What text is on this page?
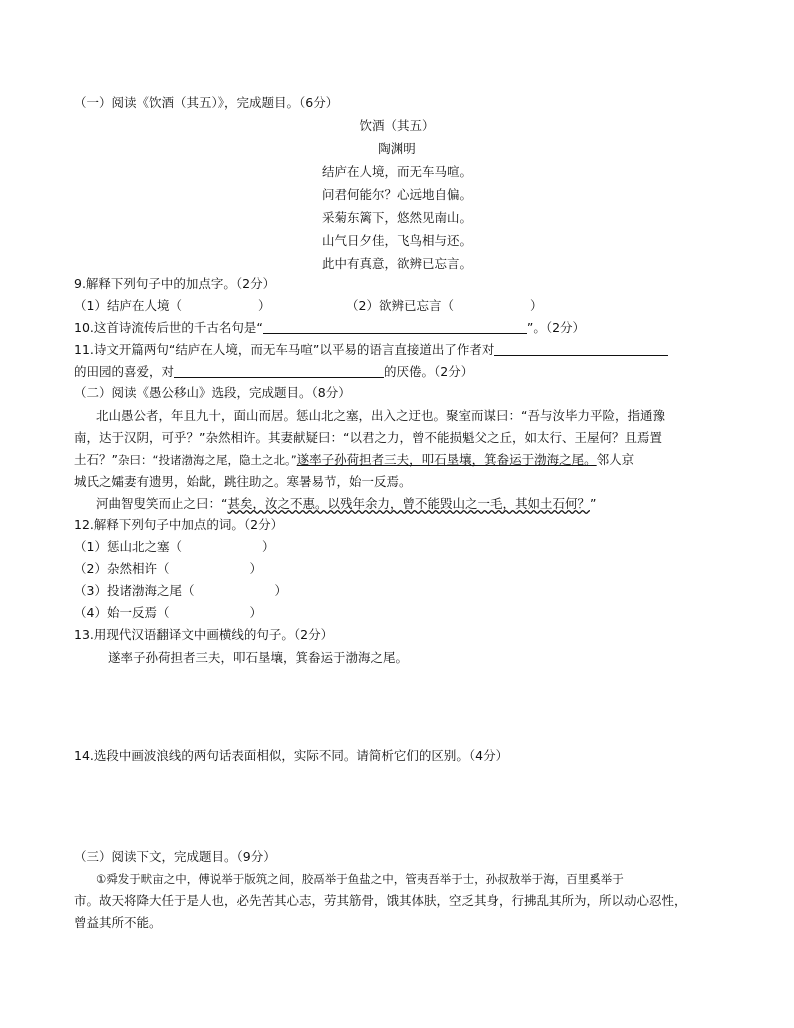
（一）阅读《饮酒（其五）》，完成题目。（6分）
饮酒（其五）
陶渊明
结庐在人境，而无车马喧。
问君何能尔？心远地自偏。
采菊东篱下，悠然见南山。
山气日夕佳，飞鸟相与还。
此中有真意，欲辨已忘言。
9.解释下列句子中的加点字。（2分）
（1）结庐在人境（	）	（2）欲辨已忘言（	）
10.这首诗流传后世的千古名句是“	”。（2分）
11.诗文开篇两句“结庐在人境，而无车马喧”以平易的语言直接道出了作者对
的田园的喜爱，对	的厌倦。（2分）
（二）阅读《愚公移山》选段，完成题目。（8分）
北山愚公者，年且九十，面山而居。惩山北之塞，出入之迂也。聚室而谋曰：“吾与汝毕力平险，指通豫
南，达于汉阴，可乎？”杂然相许。其妻献疑曰：“以君之力，曾不能损魁父之丘，如太行、王屋何？且焉置
土石？”杂曰：“投诸渤海之尾，隐土之北。”遂率子孙荷担者三夫，叩石垦壤，箕畚运于渤海之尾。邻人京
城氏之孀妻有遗男，始龀，跳往助之。寒暑易节，始一反焉。
河曲智叟笑而止之曰：“甚矣，汝之不惠。以残年余力，曾不能毁山之一毛，其如土石何？”
12.解释下列句子中加点的词。（2分）
（1）惩山北之塞（	）
（2）杂然相许（	）
（3）投诸渤海之尾（	）
（4）始一反焉（	）
13.用现代汉语翻译文中画横线的句子。（2分）
遂率子孙荷担者三夫，叩石垦壤，箕畚运于渤海之尾。
14.选段中画波浪线的两句话表面相似，实际不同。请简析它们的区别。（4分）
（三）阅读下文，完成题目。（9分）
①舜发于畎亩之中，傅说举于版筑之间，胶鬲举于鱼盐之中，管夷吾举于士，孙叔敖举于海，百里奚举于
市。故天将降大任于是人也，必先苦其心志，劳其筋骨，饿其体肤，空乏其身，行拂乱其所为，所以动心忍性，
曾益其所不能。
